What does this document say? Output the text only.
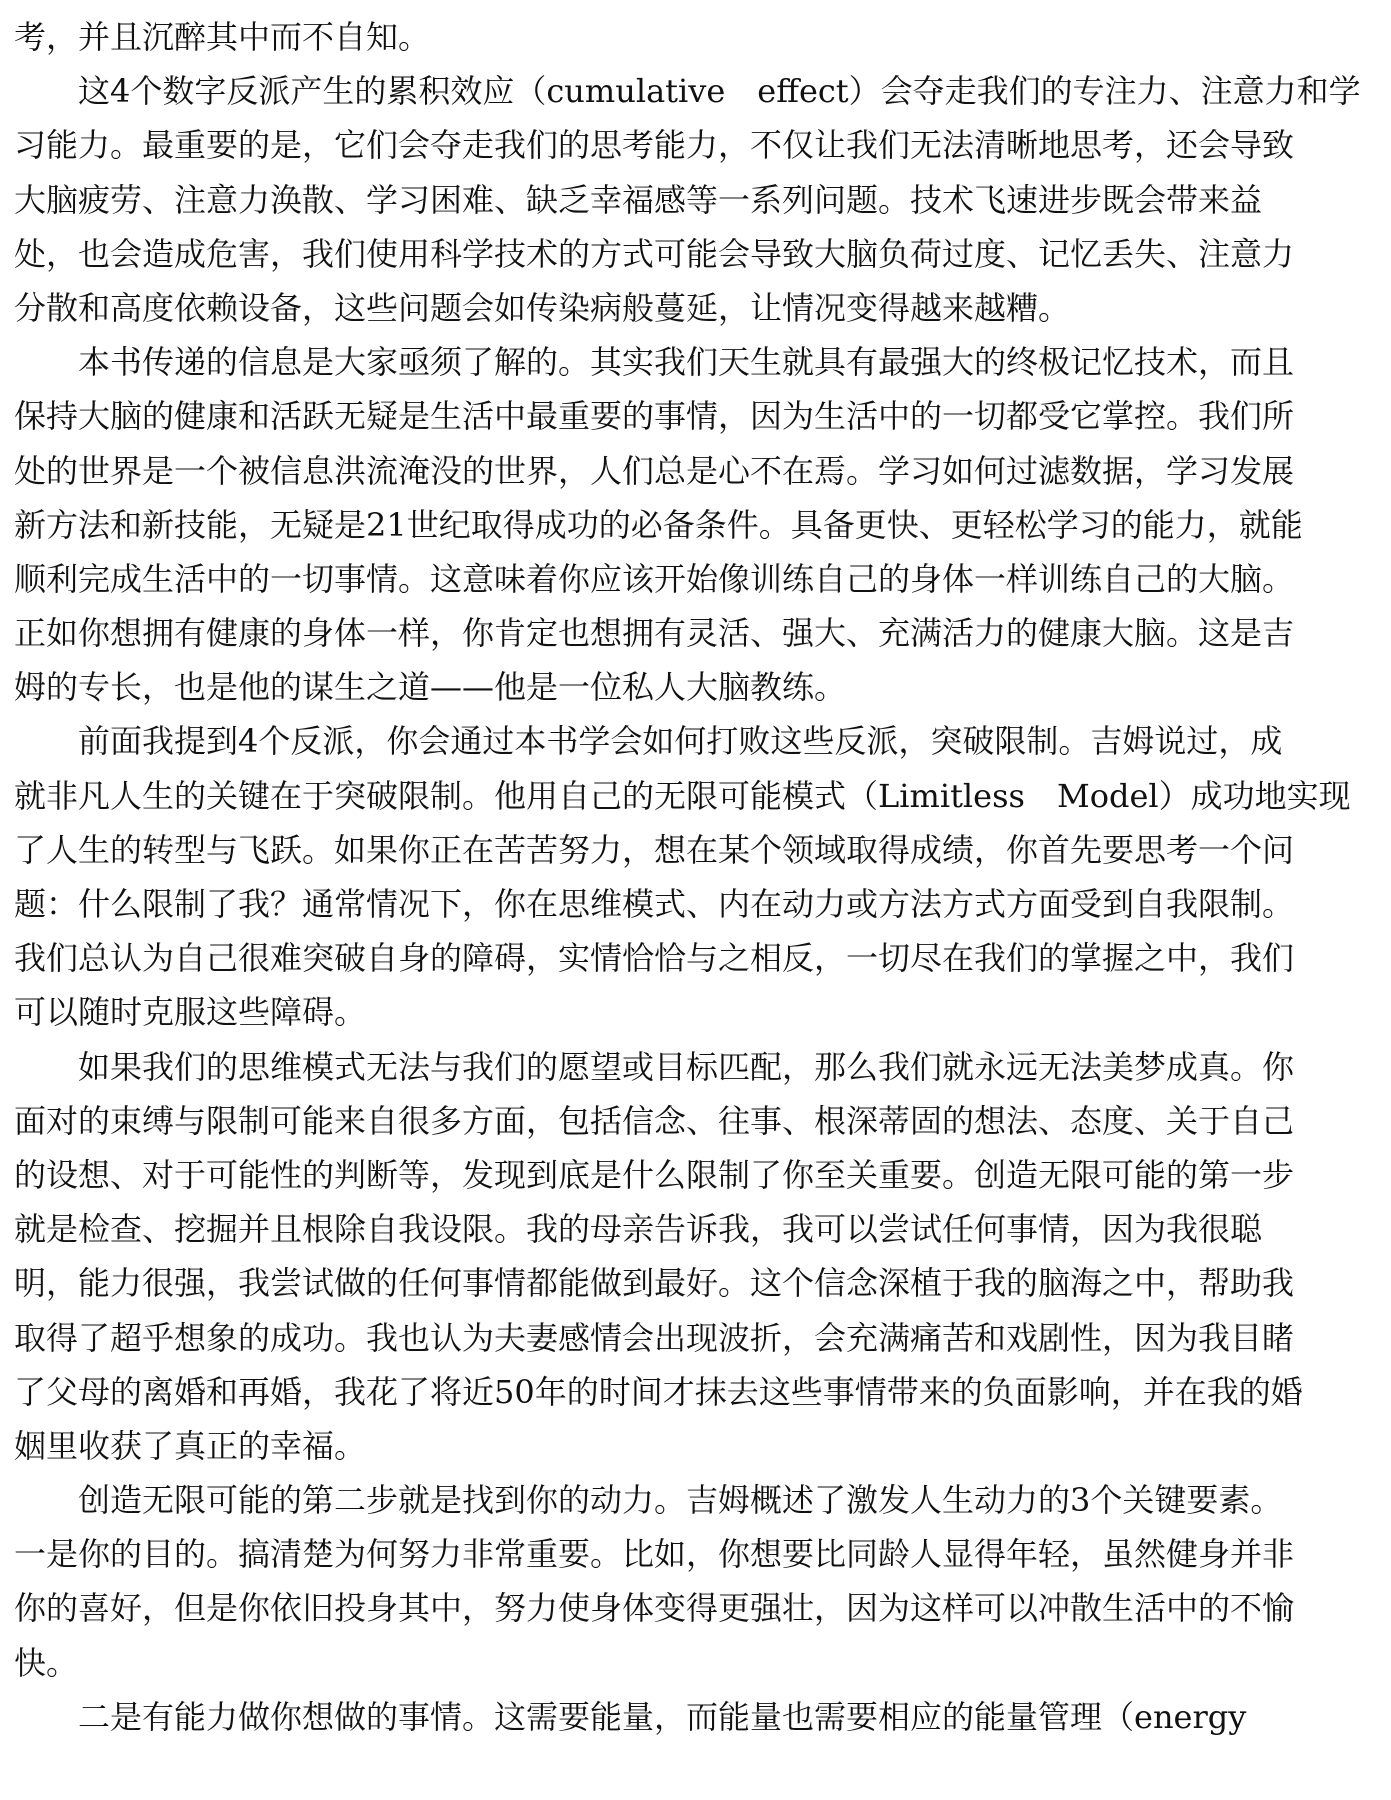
考，并且沉醉其中而不自知。
这4个数字反派产生的累积效应（cumulative　effect）会夺走我们的专注力、注意力和学
习能力。最重要的是，它们会夺走我们的思考能力，不仅让我们无法清晰地思考，还会导致
大脑疲劳、注意力涣散、学习困难、缺乏幸福感等一系列问题。技术飞速进步既会带来益
处，也会造成危害，我们使用科学技术的方式可能会导致大脑负荷过度、记忆丢失、注意力
分散和高度依赖设备，这些问题会如传染病般蔓延，让情况变得越来越糟。
本书传递的信息是大家亟须了解的。其实我们天生就具有最强大的终极记忆技术，而且
保持大脑的健康和活跃无疑是生活中最重要的事情，因为生活中的一切都受它掌控。我们所
处的世界是一个被信息洪流淹没的世界，人们总是心不在焉。学习如何过滤数据，学习发展
新方法和新技能，无疑是21世纪取得成功的必备条件。具备更快、更轻松学习的能力，就能
顺利完成生活中的一切事情。这意味着你应该开始像训练自己的身体一样训练自己的大脑。
正如你想拥有健康的身体一样，你肯定也想拥有灵活、强大、充满活力的健康大脑。这是吉
姆的专长，也是他的谋生之道——他是一位私人大脑教练。
前面我提到4个反派，你会通过本书学会如何打败这些反派，突破限制。吉姆说过，成
就非凡人生的关键在于突破限制。他用自己的无限可能模式（Limitless　Model）成功地实现
了人生的转型与飞跃。如果你正在苦苦努力，想在某个领域取得成绩，你首先要思考一个问
题：什么限制了我？通常情况下，你在思维模式、内在动力或方法方式方面受到自我限制。
我们总认为自己很难突破自身的障碍，实情恰恰与之相反，一切尽在我们的掌握之中，我们
可以随时克服这些障碍。
如果我们的思维模式无法与我们的愿望或目标匹配，那么我们就永远无法美梦成真。你
面对的束缚与限制可能来自很多方面，包括信念、往事、根深蒂固的想法、态度、关于自己
的设想、对于可能性的判断等，发现到底是什么限制了你至关重要。创造无限可能的第一步
就是检查、挖掘并且根除自我设限。我的母亲告诉我，我可以尝试任何事情，因为我很聪
明，能力很强，我尝试做的任何事情都能做到最好。这个信念深植于我的脑海之中，帮助我
取得了超乎想象的成功。我也认为夫妻感情会出现波折，会充满痛苦和戏剧性，因为我目睹
了父母的离婚和再婚，我花了将近50年的时间才抹去这些事情带来的负面影响，并在我的婚
姻里收获了真正的幸福。
创造无限可能的第二步就是找到你的动力。吉姆概述了激发人生动力的3个关键要素。
一是你的目的。搞清楚为何努力非常重要。比如，你想要比同龄人显得年轻，虽然健身并非
你的喜好，但是你依旧投身其中，努力使身体变得更强壮，因为这样可以冲散生活中的不愉
快。
二是有能力做你想做的事情。这需要能量，而能量也需要相应的能量管理（energy
